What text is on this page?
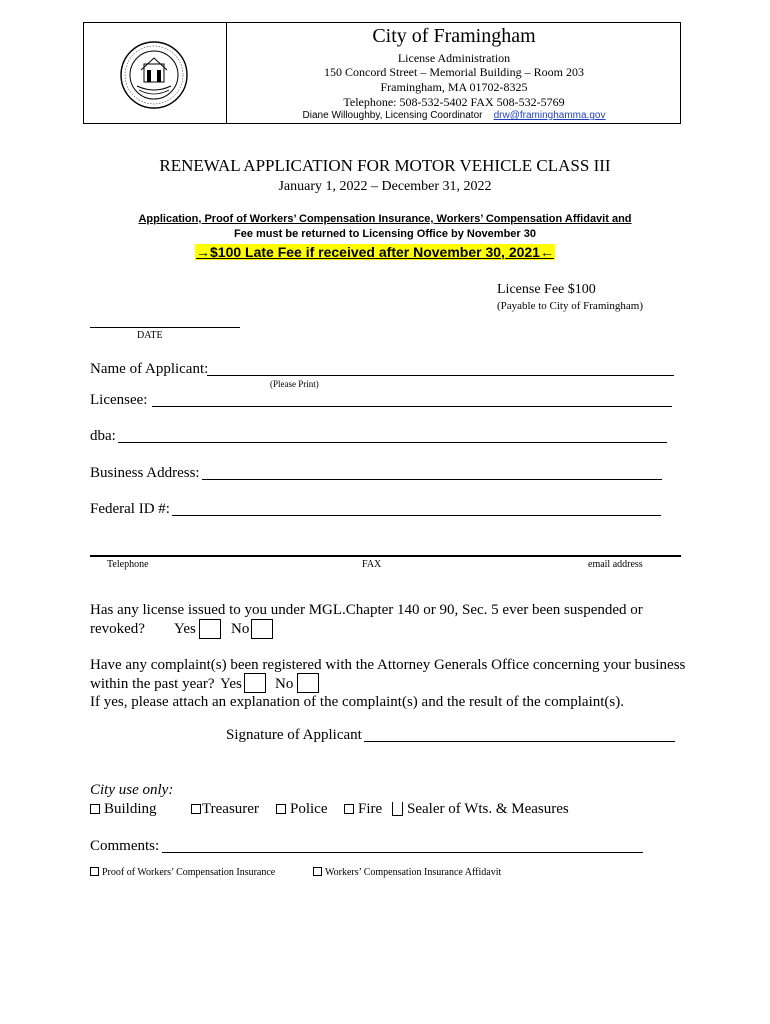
City of Framingham
License Administration
150 Concord Street – Memorial Building – Room 203
Framingham, MA 01702-8325
Telephone: 508-532-5402 FAX 508-532-5769
Diane Willoughby, Licensing Coordinator drw@framinghamma.gov
RENEWAL APPLICATION FOR MOTOR VEHICLE CLASS III
January 1, 2022 – December 31, 2022
Application, Proof of Workers’ Compensation Insurance, Workers’ Compensation Affidavit and
Fee must be returned to Licensing Office by November 30
→$100 Late Fee if received after November 30, 2021←
License Fee $100
(Payable to City of Framingham)
DATE
Name of Applicant:
(Please Print)
Licensee:
dba:
Business Address:
Federal ID #:
Telephone	FAX	email address
Has any license issued to you under MGL.Chapter 140 or 90, Sec. 5 ever been suspended or
revoked? Yes No
Have any complaint(s) been registered with the Attorney Generals Office concerning your business
within the past year? Yes No
If yes, please attach an explanation of the complaint(s) and the result of the complaint(s).
Signature of Applicant
City use only:
Building	Treasurer	Police	Fire	Sealer of Wts. & Measures
Comments:
Proof of Workers’ Compensation Insurance	Workers’ Compensation Insurance Affidavit
